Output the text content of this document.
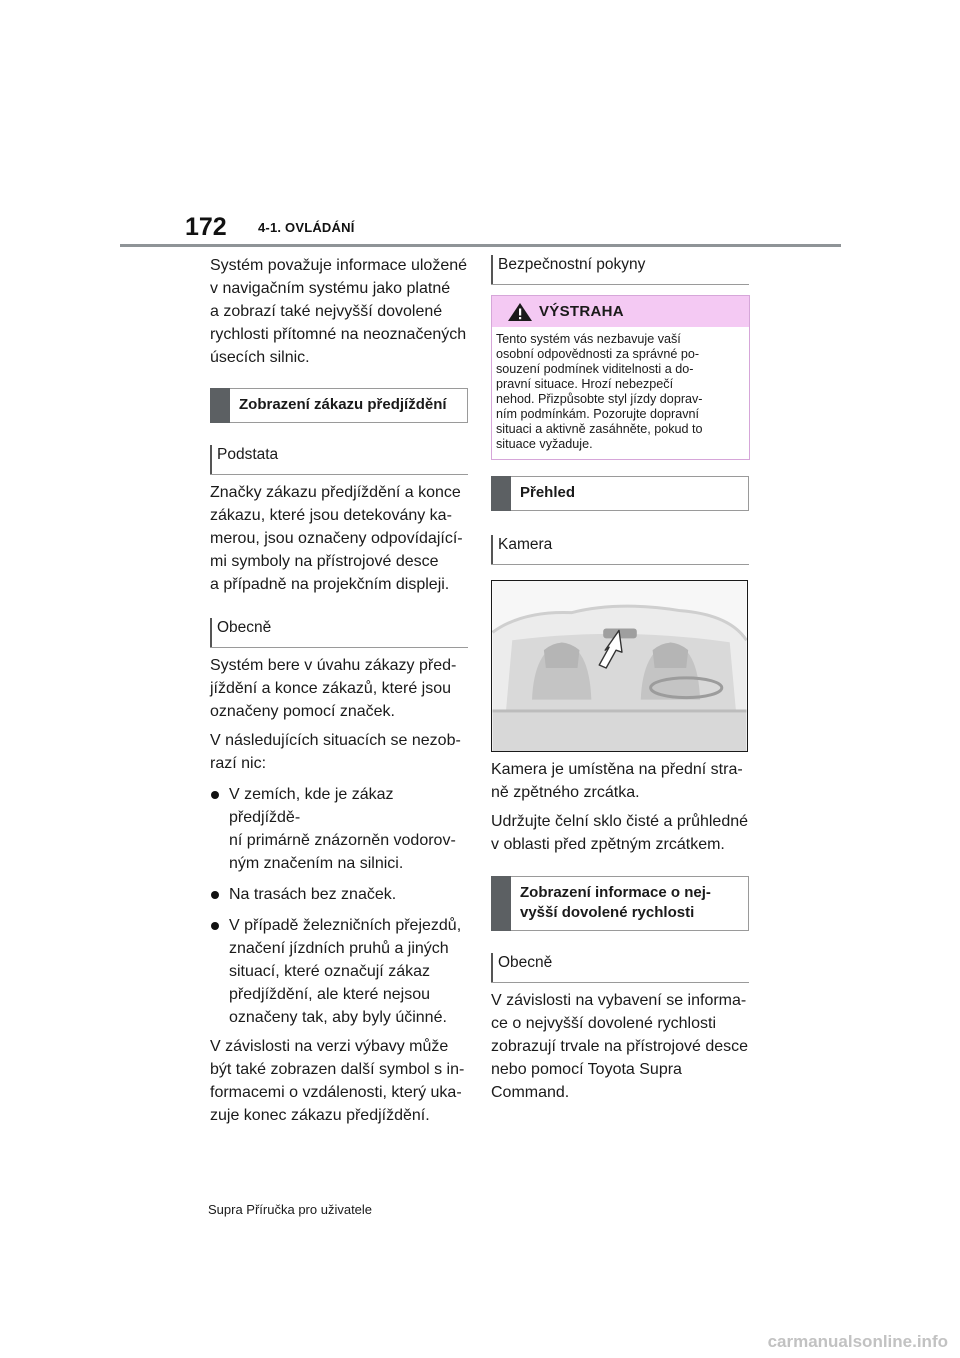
172 4-1. OVLÁDÁNÍ

Systém považuje informace uložené
v navigačním systému jako platné
a zobrazí také nejvyšší dovolené
rychlosti přítomné na neoznačených
úsecích silnic.

Zobrazení zákazu předjíždění
Podstata

Značky zákazu předjíždění a konce
zákazu, které jsou detekovány ka-
merou, jsou označeny odpovídající-
mi symboly na přístrojové desce
a případně na projekčním displeji.

Obecně

Systém bere v úvahu zákazy před-
jíždění a konce zákazů, které jsou
označeny pomocí značek.

V následujících situacích se nezob-
razí nic:

V zemích, kde je zákaz předjíždě-
ní primárně znázorněn vodorov-
ným značením na silnici.

Na trasách bez značek.

V případě železničních přejezdů,
značení jízdních pruhů a jiných
situací, které označují zákaz
předjíždění, ale které nejsou
označeny tak, aby byly účinné.

V závislosti na verzi výbavy může
být také zobrazen další symbol s in-
formacemi o vzdálenosti, který uka-
zuje konec zákazu předjíždění.

Bezpečnostní pokyny
VÝSTRAHA
Tento systém vás nezbavuje vaší
osobní odpovědnosti za správné po-
souzení podmínek viditelnosti a do-
pravní situace. Hrozí nebezpečí
nehod. Přizpůsobte styl jízdy doprav-
ním podmínkám. Pozorujte dopravní
situaci a aktivně zasáhněte, pokud to
situace vyžaduje.
Přehled
Kamera

Kamera je umístěna na přední stra-
ně zpětného zrcátka.

Udržujte čelní sklo čisté a průhledné
v oblasti před zpětným zrcátkem.

Zobrazení informace o nej-
vyšší dovolené rychlosti
Obecně

V závislosti na vybavení se informa-
ce o nejvyšší dovolené rychlosti
zobrazují trvale na přístrojové desce
nebo pomocí Toyota Supra
Command.

Supra Příručka pro uživatele
carmanualsonline.info
